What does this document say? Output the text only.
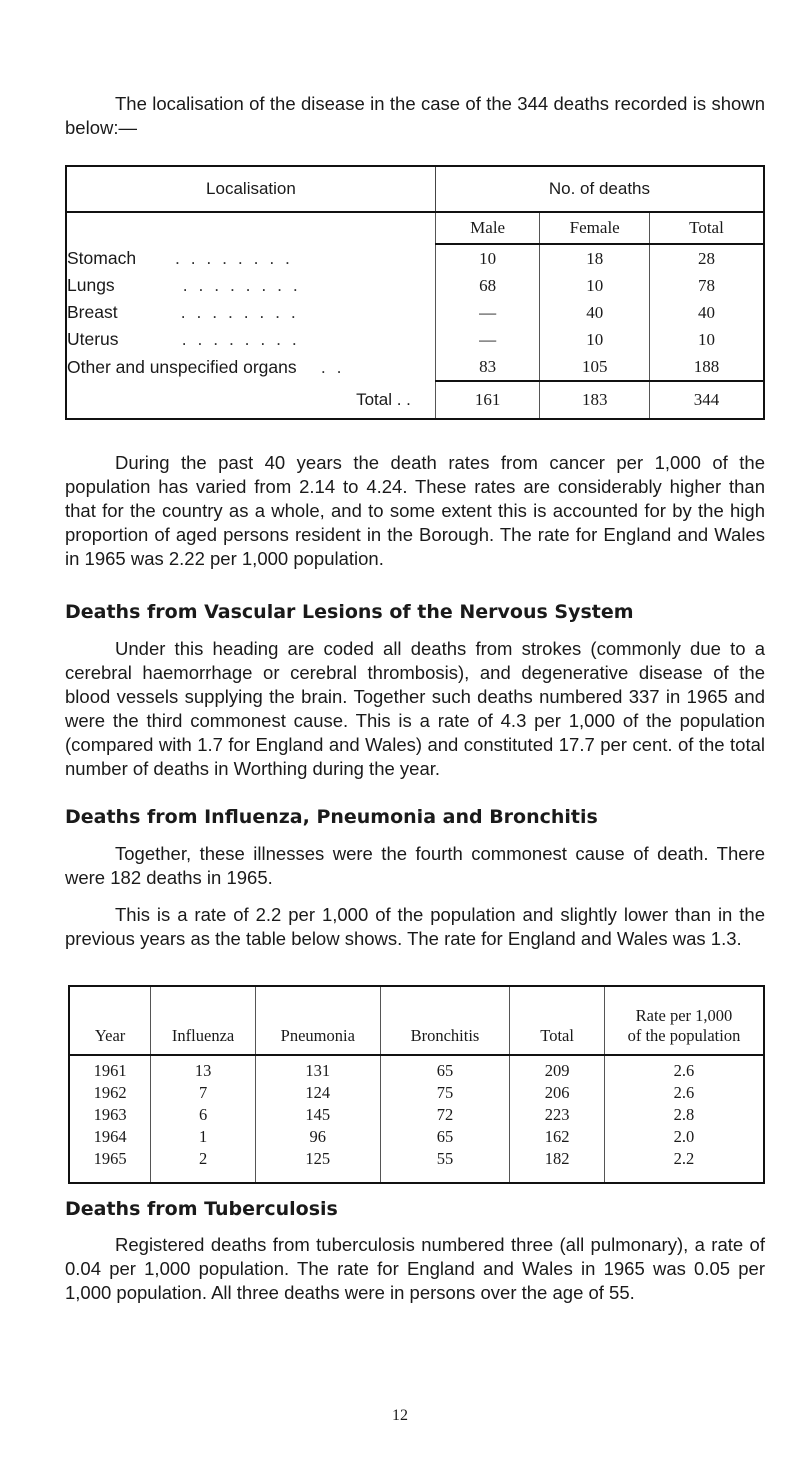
The localisation of the disease in the case of the 344 deaths recorded is shown below:—

Localisation	No. of deaths		
	Male	Female	Total
Stomach . . . . . . . .	10	18	28
Lungs . . . . . . . .	68	10	78
Breast . . . . . . . .	—	40	40
Uterus . . . . . . . .	—	10	10
Other and unspecified organs . .	83	105	188
Total . .	161	183	344

During the past 40 years the death rates from cancer per 1,000 of the population has varied from 2.14 to 4.24. These rates are considerably higher than that for the country as a whole, and to some extent this is accounted for by the high proportion of aged persons resident in the Borough. The rate for England and Wales in 1965 was 2.22 per 1,000 population.

Deaths from Vascular Lesions of the Nervous System

Under this heading are coded all deaths from strokes (commonly due to a cerebral haemorrhage or cerebral thrombosis), and degenerative disease of the blood vessels supplying the brain. Together such deaths numbered 337 in 1965 and were the third commonest cause. This is a rate of 4.3 per 1,000 of the population (compared with 1.7 for England and Wales) and constituted 17.7 per cent. of the total number of deaths in Worthing during the year.

Deaths from Influenza, Pneumonia and Bronchitis

Together, these illnesses were the fourth commonest cause of death. There were 182 deaths in 1965.

This is a rate of 2.2 per 1,000 of the population and slightly lower than in the previous years as the table below shows. The rate for England and Wales was 1.3.

Year	Influenza	Pneumonia	Bronchitis	Total	Rate per 1,000
of the population
1961	13	131	65	209	2.6
1962	7	124	75	206	2.6
1963	6	145	72	223	2.8
1964	1	96	65	162	2.0
1965	2	125	55	182	2.2
Deaths from Tuberculosis

Registered deaths from tuberculosis numbered three (all pulmonary), a rate of 0.04 per 1,000 population. The rate for England and Wales in 1965 was 0.05 per 1,000 population. All three deaths were in persons over the age of 55.

12
